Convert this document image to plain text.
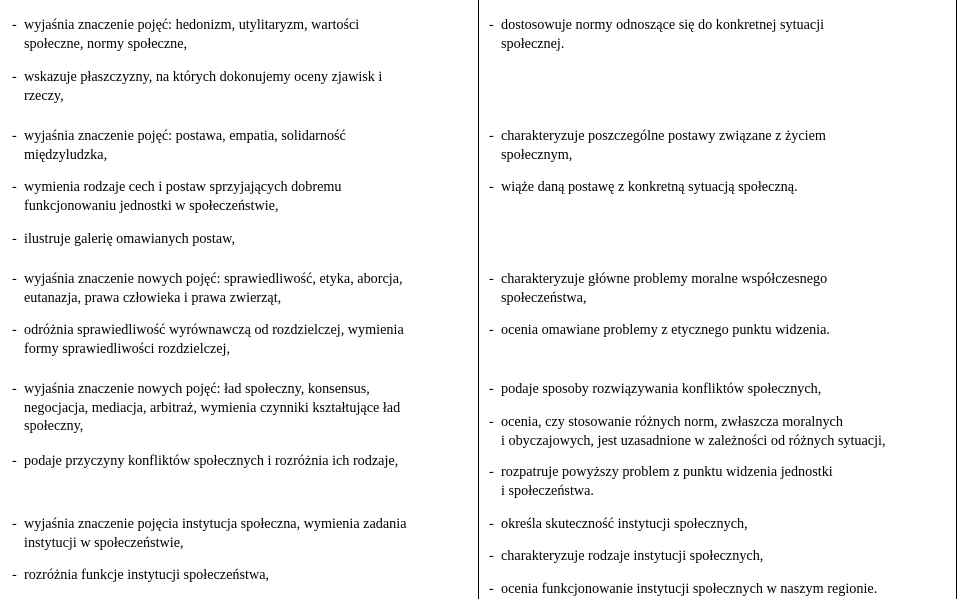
- wyjaśnia znaczenie pojęć: hedonizm, utylitaryzm, wartości
społeczne, normy społeczne,
- wskazuje płaszczyzny, na których dokonujemy oceny zjawisk i
rzeczy,
- wyjaśnia znaczenie pojęć: postawa, empatia, solidarność
międzyludzka,
- wymienia rodzaje cech i postaw sprzyjających dobremu
funkcjonowaniu jednostki w społeczeństwie,
- ilustruje galerię omawianych postaw,
- wyjaśnia znaczenie nowych pojęć: sprawiedliwość, etyka, aborcja,
eutanazja, prawa człowieka i prawa zwierząt,
- odróżnia sprawiedliwość wyrównawczą od rozdzielczej, wymienia
formy sprawiedliwości rozdzielczej,
- wyjaśnia znaczenie nowych pojęć: ład społeczny, konsensus,
negocjacja, mediacja, arbitraż, wymienia czynniki kształtujące ład
społeczny,
- podaje przyczyny konfliktów społecznych i rozróżnia ich rodzaje,
- wyjaśnia znaczenie pojęcia instytucja społeczna, wymienia zadania
instytucji w społeczeństwie,
- rozróżnia funkcje instytucji społeczeństwa,
- dostosowuje normy odnoszące się do konkretnej sytuacji
społecznej.
- charakteryzuje poszczególne postawy związane z życiem
społecznym,
- wiąże daną postawę z konkretną sytuacją społeczną.
- charakteryzuje główne problemy moralne współczesnego
społeczeństwa,
- ocenia omawiane problemy z etycznego punktu widzenia.
- podaje sposoby rozwiązywania konfliktów społecznych,
- ocenia, czy stosowanie różnych norm, zwłaszcza moralnych
i obyczajowych, jest uzasadnione w zależności od różnych sytuacji,
- rozpatruje powyższy problem z punktu widzenia jednostki
i społeczeństwa.
- określa skuteczność instytucji społecznych,
- charakteryzuje rodzaje instytucji społecznych,
- ocenia funkcjonowanie instytucji społecznych w naszym regionie.
